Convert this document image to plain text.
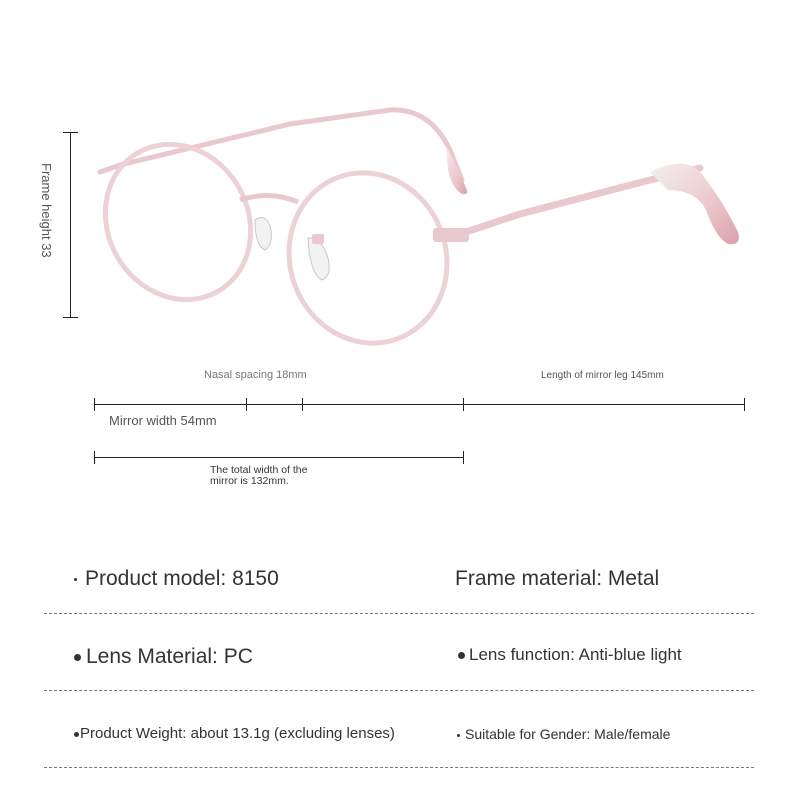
Frame height 33
Nasal spacing 18mm	Length of mirror leg 145mm
Mirror width 54mm
The total width of the
mirror is 132mm.
Product model: 8150	Frame material: Metal
Lens Material: PC	Lens function: Anti-blue light
Product Weight: about 13.1g (excluding lenses)	Suitable for Gender: Male/female
